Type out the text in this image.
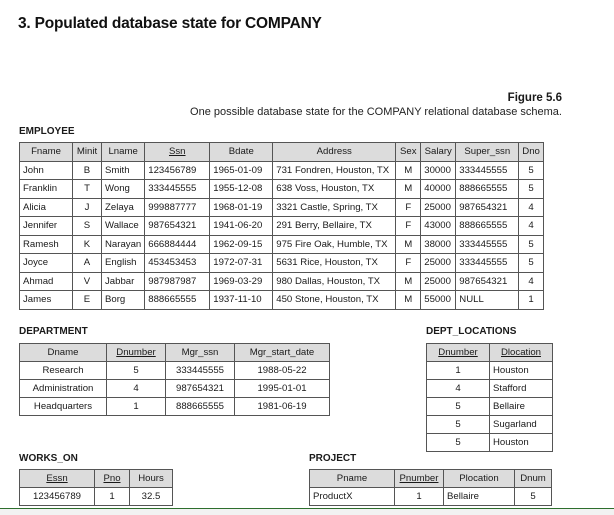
3. Populated database state for COMPANY
Figure 5.6
One possible database state for the COMPANY relational database schema.
EMPLOYEE
Fname	Minit	Lname	Ssn	Bdate	Address	Sex	Salary	Super_ssn	Dno
John	B	Smith	123456789	1965-01-09	731 Fondren, Houston, TX	M	30000	333445555	5
Franklin	T	Wong	333445555	1955-12-08	638 Voss, Houston, TX	M	40000	888665555	5
Alicia	J	Zelaya	999887777	1968-01-19	3321 Castle, Spring, TX	F	25000	987654321	4
Jennifer	S	Wallace	987654321	1941-06-20	291 Berry, Bellaire, TX	F	43000	888665555	4
Ramesh	K	Narayan	666884444	1962-09-15	975 Fire Oak, Humble, TX	M	38000	333445555	5
Joyce	A	English	453453453	1972-07-31	5631 Rice, Houston, TX	F	25000	333445555	5
Ahmad	V	Jabbar	987987987	1969-03-29	980 Dallas, Houston, TX	M	25000	987654321	4
James	E	Borg	888665555	1937-11-10	450 Stone, Houston, TX	M	55000	NULL	1
DEPARTMENT
Dname	Dnumber	Mgr_ssn	Mgr_start_date
Research	5	333445555	1988-05-22
Administration	4	987654321	1995-01-01
Headquarters	1	888665555	1981-06-19
DEPT_LOCATIONS
Dnumber	Dlocation
1	Houston
4	Stafford
5	Bellaire
5	Sugarland
5	Houston
WORKS_ON
Essn	Pno	Hours
123456789	1	32.5
PROJECT
Pname	Pnumber	Plocation	Dnum
ProductX	1	Bellaire	5
